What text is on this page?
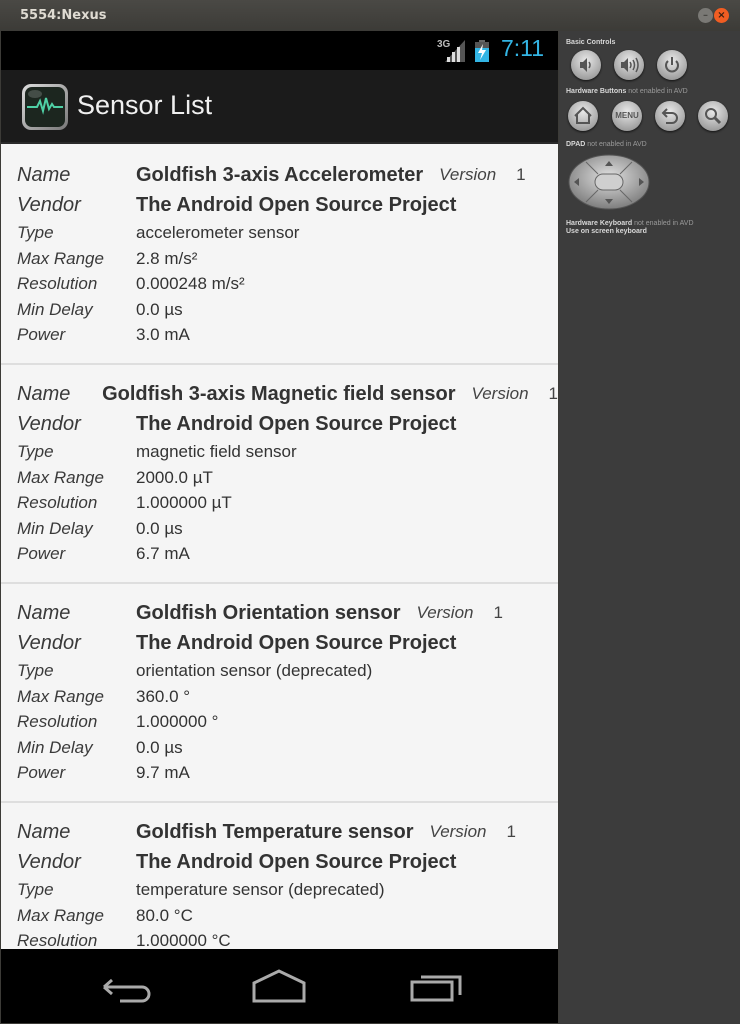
5554:Nexus	– ×
3G 7:11
Sensor List
Name	Goldfish 3-axis Accelerometer Version 1
Vendor	The Android Open Source Project
Type	accelerometer sensor
Max Range	2.8 m/s²
Resolution	0.000248 m/s²
Min Delay	0.0 µs
Power	3.0 mA
Name	Goldfish 3-axis Magnetic field sensor Version 1
Vendor	The Android Open Source Project
Type	magnetic field sensor
Max Range	2000.0 µT
Resolution	1.000000 µT
Min Delay	0.0 µs
Power	6.7 mA
Name	Goldfish Orientation sensor Version 1
Vendor	The Android Open Source Project
Type	orientation sensor (deprecated)
Max Range	360.0 °
Resolution	1.000000 °
Min Delay	0.0 µs
Power	9.7 mA
Name	Goldfish Temperature sensor Version 1
Vendor	The Android Open Source Project
Type	temperature sensor (deprecated)
Max Range	80.0 °C
Resolution	1.000000 °C
Basic Controls
Hardware Buttons not enabled in AVD
MENU
DPAD not enabled in AVD
Hardware Keyboard not enabled in AVD
Use on screen keyboard
